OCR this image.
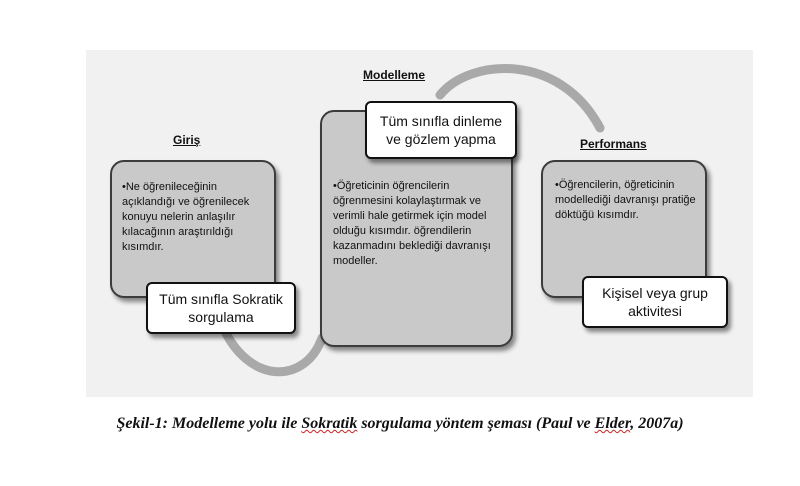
Giriş
Modelleme
Performans
•Ne öğrenileceğinin açıklandığı ve öğrenilecek konuyu nelerin anlaşılır kılacağının araştırıldığı kısımdır.
•Öğreticinin öğrencilerin öğrenmesini kolaylaştırmak ve verimli hale getirmek için model olduğu kısımdır. öğrendilerin kazanmadını beklediği davranışı modeller.
•Öğrencilerin, öğreticinin modellediği davranışı pratiğe döktüğü kısımdır.
Tüm sınıfla Sokratik
sorgulama
Tüm sınıfla dinleme
ve gözlem yapma
Kişisel veya grup
aktivitesi
Şekil-1: Modelleme yolu ile Sokratik sorgulama yöntem şeması (Paul ve Elder, 2007a)
